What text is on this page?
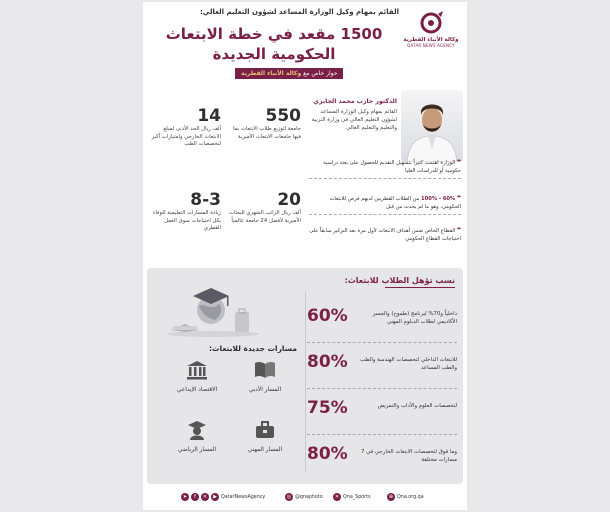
وكالة الأنباء القطرية
QATAR NEWS AGENCY
القائم بمهام وكيل الوزارة المساعد لشؤون التعليم العالي:
1500 مقعد في خطة الابتعاث
الحكومية الجديدة
حوار خاص مع وكالة الأنباء القطرية
الدكتور حارب محمد الجابري
القائم بمهام وكيل الوزارة المساعد لشؤون التعليم العالي في وزارة التربية والتعليم والتعليم العالي
❝ الوزارة اهتمت كثيراً بتسهيل التقديم للحصول على بعثة دراسية حكومية أو للدراسات العليا
❝ 60% - 100% من الطلاب القطريين لديهم فرص للابتعاث الحكومي، وهو ما لم يحدث من قبل
❝ القطاع الخاص ضمن أهداف الابتعاث لأول مرة بعد التركيز سابقاً على احتياجات القطاع الحكومي
550
جامعة لتوزيع طلاب الابتعاث بما فيها جامعات الابتعاث الأميرية
14
ألف ريال الحد الأدنى لمبلغ الابتعاث الخارجي وامتيازات أكبر لتخصصات الطب
20
ألف ريال الراتب الشهري للبعثات الأميرية لأفضل 24 جامعة عالمياً
8-3
زيادة المسارات التعليمية للوفاء بكل احتياجات سوق العمل القطري
نسب تؤهل الطلاب للابتعاث:
60%	داخلياً و70% لبرنامج (طموح) والجسر الأكاديمي لطلاب الدبلوم المهني
80%	للابتعاث الداخلي لتخصصات الهندسة والطب والطب المساعد
75%	لتخصصات العلوم والآداب والتمريض
80%	وما فوق لتخصصات الابتعاث الخارجي في 7 مسارات مختلفة
مسارات جديدة للابتعاث:
المسار الأدبي
الاقتصاد الإبداعي
المسار المهني
المسار الرياضي
➤	f	✕	▶ QatarNewsAgency	◎ @qnaphoto	✕ Qna_Sports	⊕ Qna.org.qa
